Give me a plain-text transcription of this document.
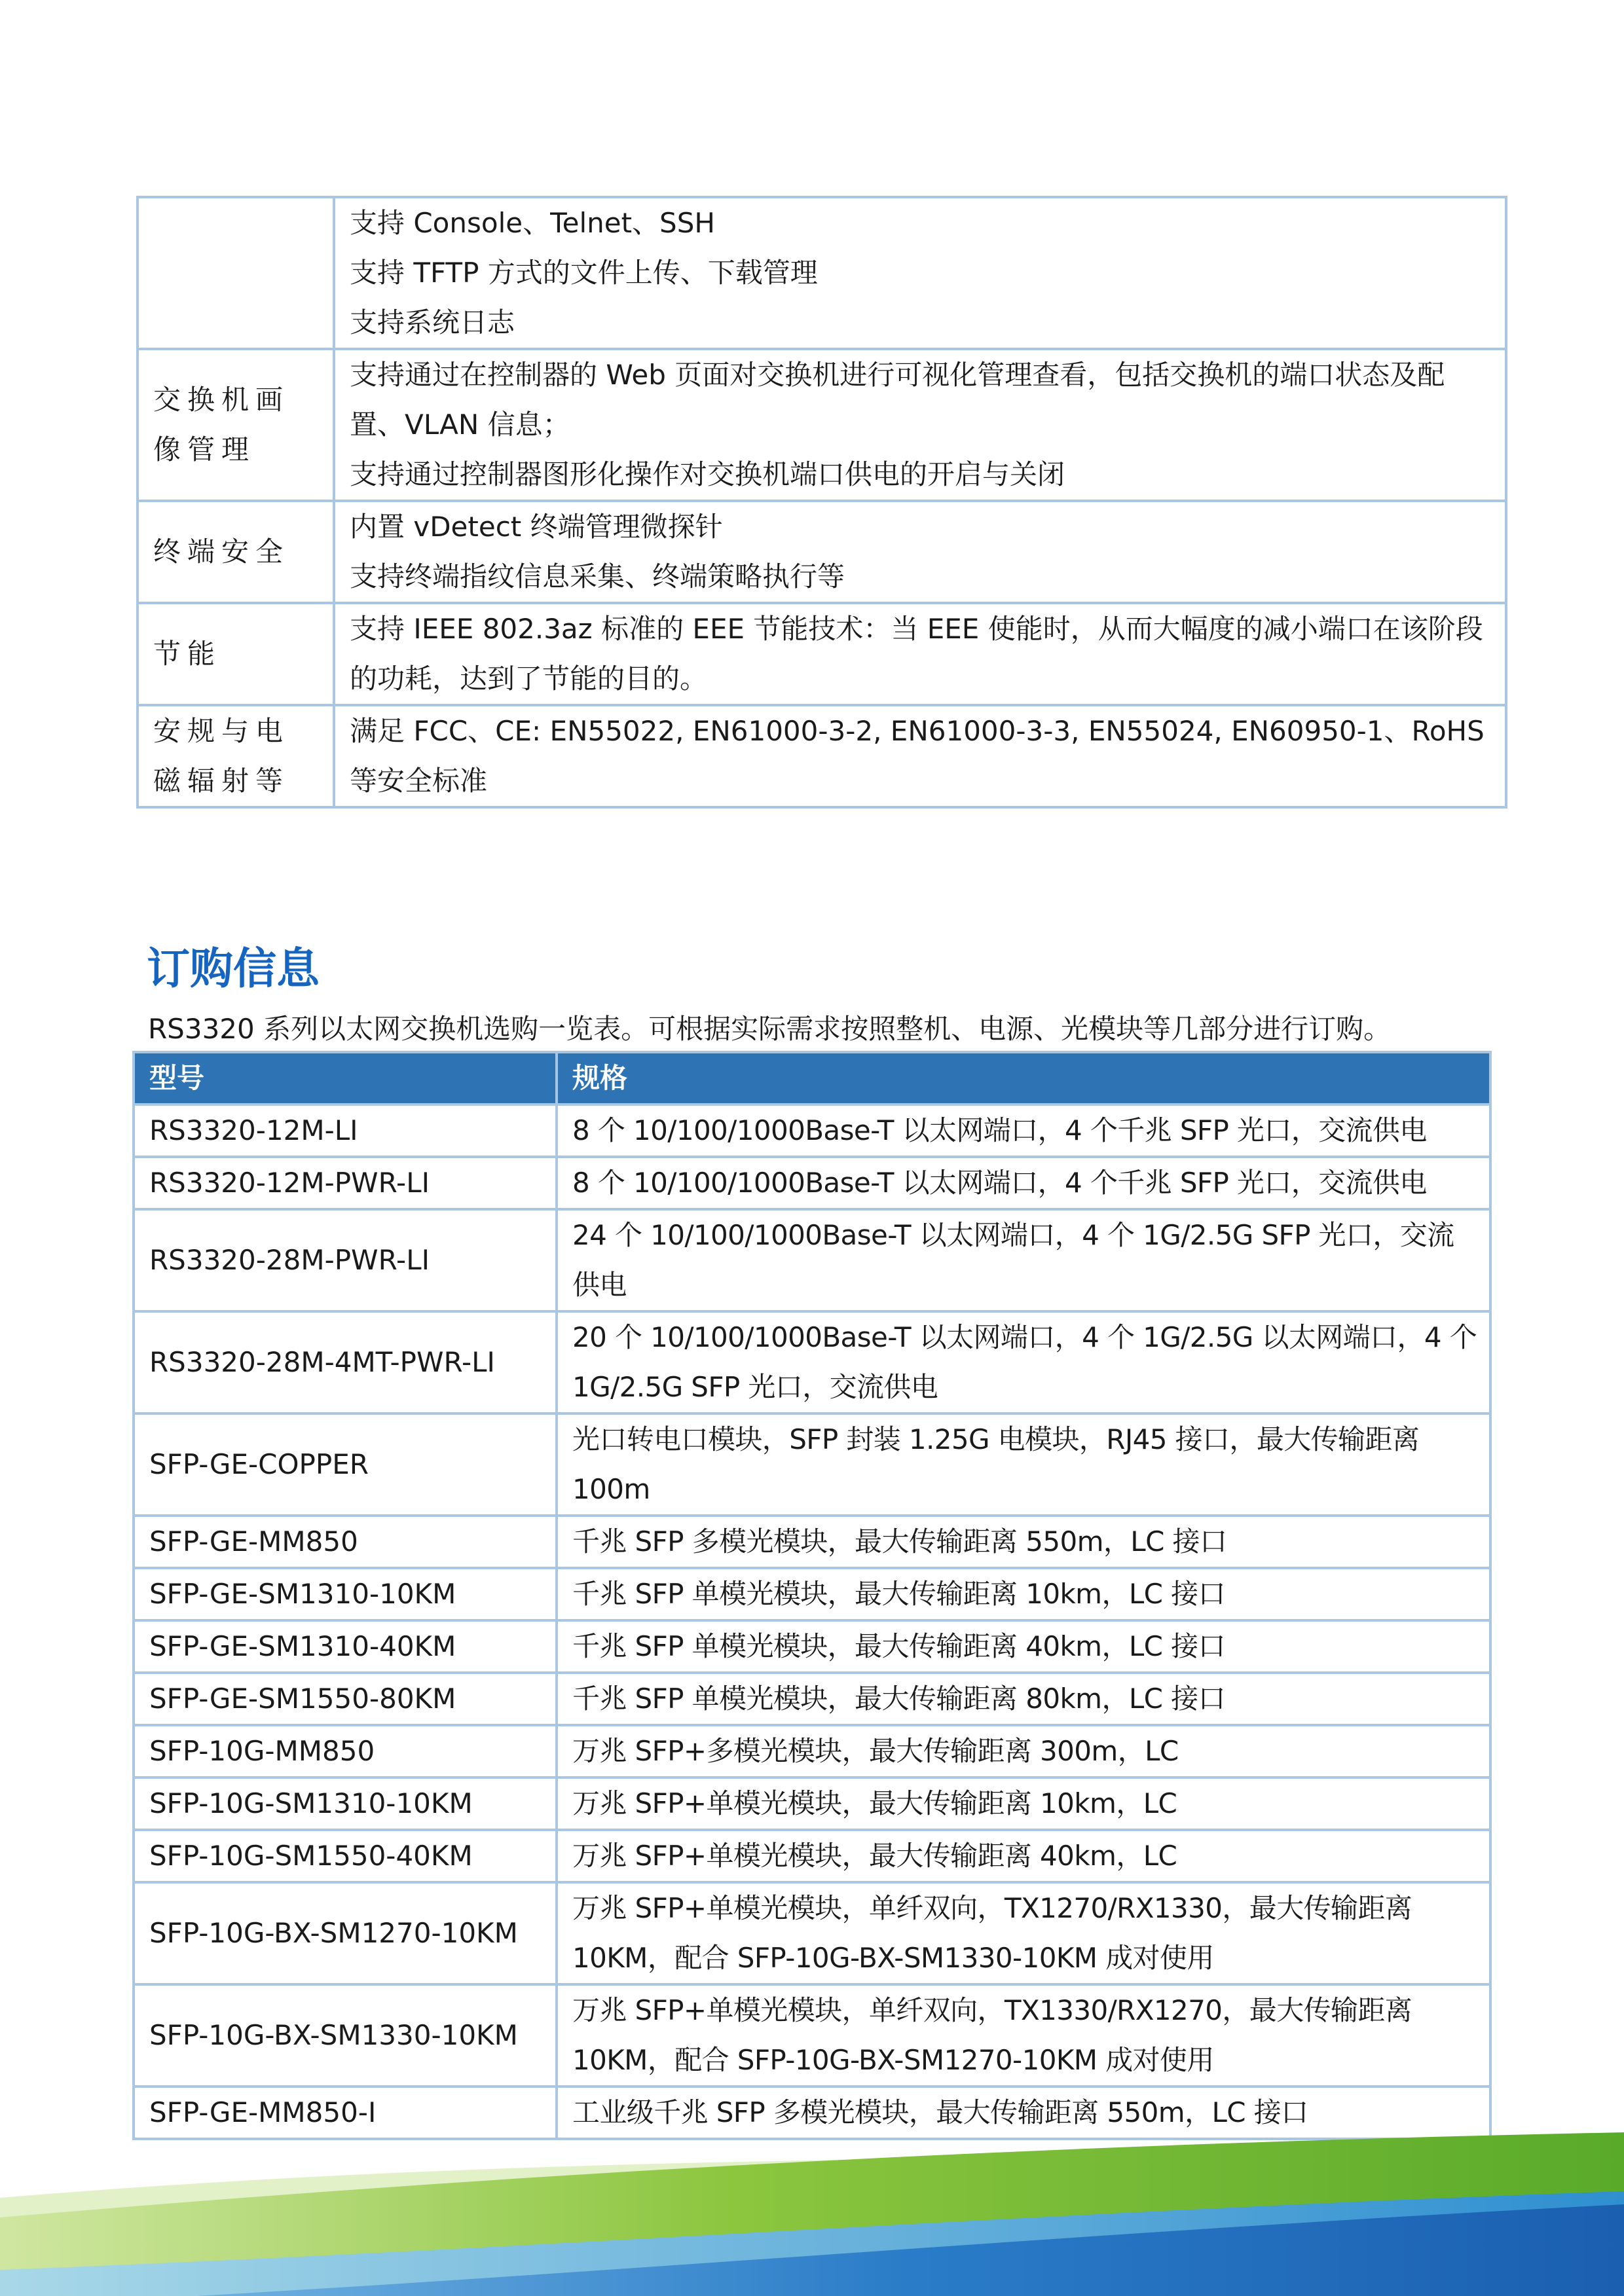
	支持 Console、Telnet、SSH
支持 TFTP 方式的文件上传、下载管理
支持系统日志

交换机画像管理	支持通过在控制器的 Web 页面对交换机进行可视化管理查看，包括交换机的端口状态及配置、VLAN 信息；
支持通过控制器图形化操作对交换机端口供电的开启与关闭

终端安全	内置 vDetect 终端管理微探针
支持终端指纹信息采集、终端策略执行等

节能	支持 IEEE 802.3az 标准的 EEE 节能技术：当 EEE 使能时，从而大幅度的减小端口在该阶段的功耗，达到了节能的目的。

安规与电磁辐射等	满足 FCC、CE: EN55022, EN61000-3-2, EN61000-3-3, EN55024, EN60950-1、RoHS 等安全标准
订购信息

RS3320 系列以太网交换机选购一览表。可根据实际需求按照整机、电源、光模块等几部分进行订购。

型号	规格
RS3320-12M-LI	8 个 10/100/1000Base-T 以太网端口，4 个千兆 SFP 光口，交流供电
RS3320-12M-PWR-LI	8 个 10/100/1000Base-T 以太网端口，4 个千兆 SFP 光口，交流供电
RS3320-28M-PWR-LI	24 个 10/100/1000Base-T 以太网端口，4 个 1G/2.5G SFP 光口，交流供电
RS3320-28M-4MT-PWR-LI	20 个 10/100/1000Base-T 以太网端口，4 个 1G/2.5G 以太网端口，4 个 1G/2.5G SFP 光口，交流供电
SFP-GE-COPPER	光口转电口模块，SFP 封装 1.25G 电模块，RJ45 接口，最大传输距离 100m
SFP-GE-MM850	千兆 SFP 多模光模块，最大传输距离 550m，LC 接口
SFP-GE-SM1310-10KM	千兆 SFP 单模光模块，最大传输距离 10km，LC 接口
SFP-GE-SM1310-40KM	千兆 SFP 单模光模块，最大传输距离 40km，LC 接口
SFP-GE-SM1550-80KM	千兆 SFP 单模光模块，最大传输距离 80km，LC 接口
SFP-10G-MM850	万兆 SFP+多模光模块，最大传输距离 300m，LC
SFP-10G-SM1310-10KM	万兆 SFP+单模光模块，最大传输距离 10km，LC
SFP-10G-SM1550-40KM	万兆 SFP+单模光模块，最大传输距离 40km，LC
SFP-10G-BX-SM1270-10KM	万兆 SFP+单模光模块，单纤双向，TX1270/RX1330，最大传输距离 10KM，配合 SFP-10G-BX-SM1330-10KM 成对使用
SFP-10G-BX-SM1330-10KM	万兆 SFP+单模光模块，单纤双向，TX1330/RX1270，最大传输距离 10KM，配合 SFP-10G-BX-SM1270-10KM 成对使用
SFP-GE-MM850-I	工业级千兆 SFP 多模光模块，最大传输距离 550m，LC 接口
